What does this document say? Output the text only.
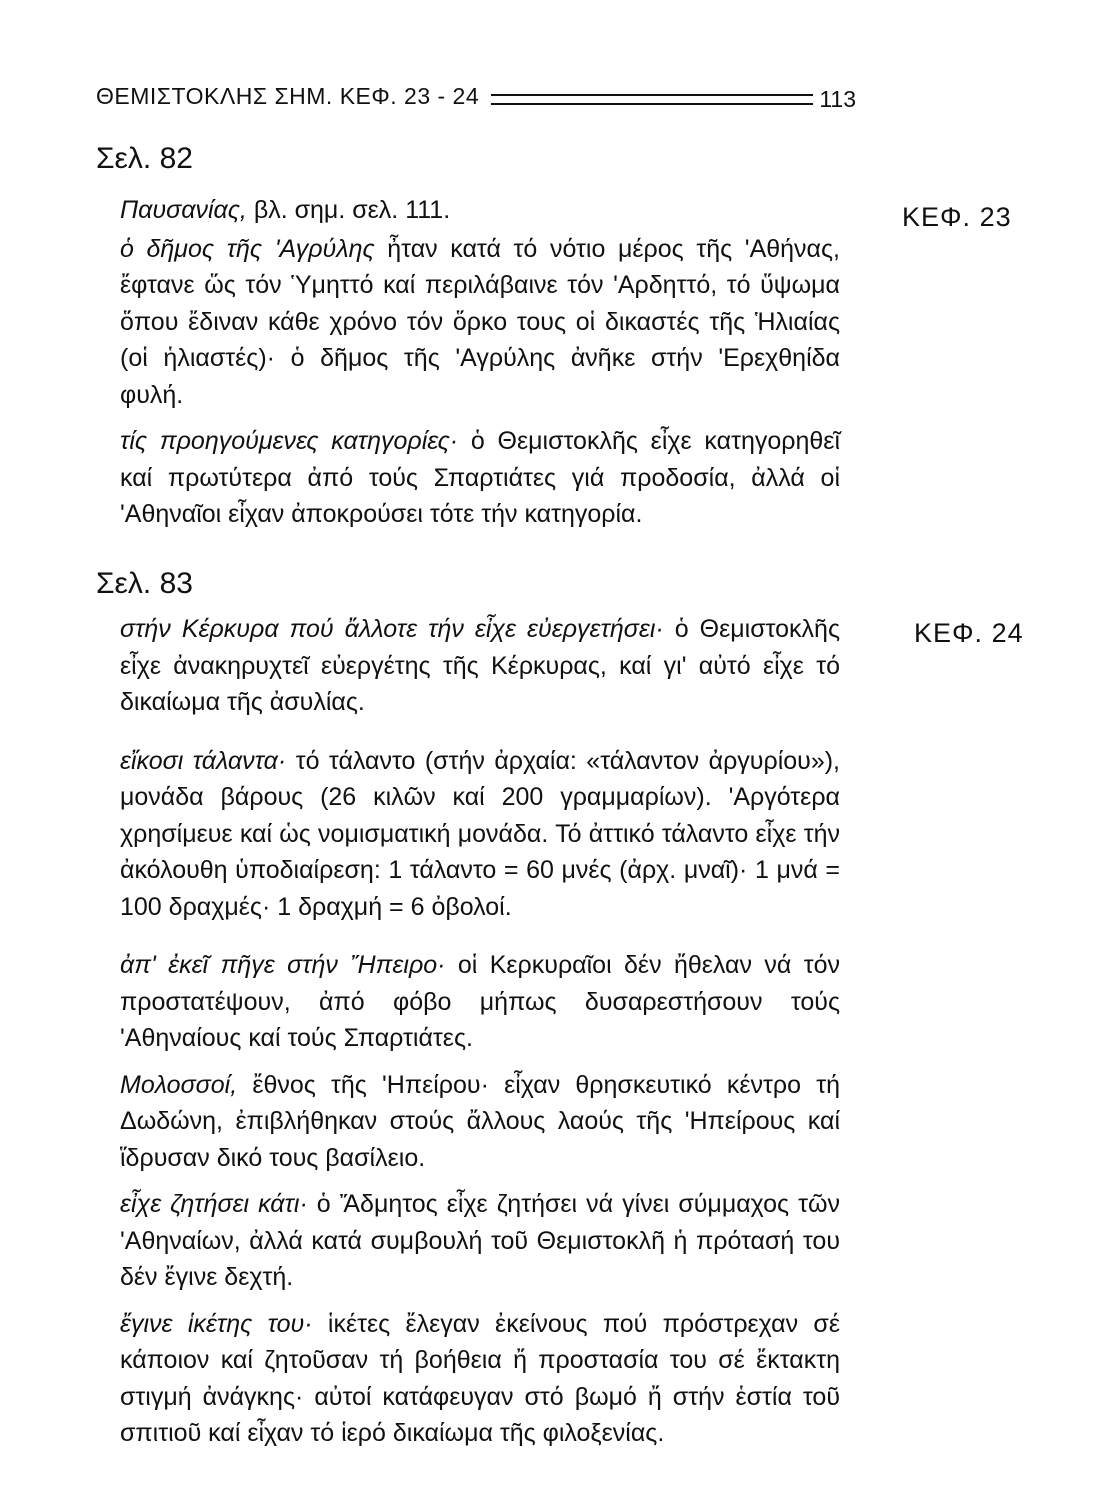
ΘΕΜΙΣΤΟΚΛΗΣ ΣΗΜ. ΚΕΦ. 23 - 24	113
Σελ. 82
ΚΕΦ. 23

Παυσανίας, βλ. σημ. σελ. 111.

ὁ δῆμος τῆς 'Αγρύλης ἦταν κατά τό νότιο μέρος τῆς 'Αθήνας, ἔφτανε ὥς τόν Ὑμηττό καί περιλάβαινε τόν 'Αρδηττό, τό ὕψωμα ὅπου ἔδιναν κάθε χρόνο τόν ὅρκο τους οἱ δικαστές τῆς Ἡλιαίας (οἱ ἡλιαστές)· ὁ δῆμος τῆς 'Αγρύλης ἀνῆκε στήν 'Ερεχθηίδα φυλή.

τίς προηγούμενες κατηγορίες· ὁ Θεμιστοκλῆς εἶχε κατηγορηθεῖ καί πρωτύτερα ἀπό τούς Σπαρτιάτες γιά προδοσία, ἀλλά οἱ 'Αθηναῖοι εἶχαν ἀποκρούσει τότε τήν κατηγορία.

Σελ. 83
ΚΕΦ. 24

στήν Κέρκυρα πού ἄλλοτε τήν εἶχε εὐεργετήσει· ὁ Θεμιστοκλῆς εἶχε ἀνακηρυχτεῖ εὐεργέτης τῆς Κέρκυρας, καί γι' αὐτό εἶχε τό δικαίωμα τῆς ἀσυλίας.

εἴκοσι τάλαντα· τό τάλαντο (στήν ἀρχαία: «τάλαντον ἀργυρίου»), μονάδα βάρους (26 κιλῶν καί 200 γραμμαρίων). 'Αργότερα χρησίμευε καί ὡς νομισματική μονάδα. Τό ἀττικό τάλαντο εἶχε τήν ἀκόλουθη ὑποδιαίρεση: 1 τάλαντο = 60 μνές (ἀρχ. μναῖ)· 1 μνά = 100 δραχμές· 1 δραχμή = 6 ὀβολοί.

ἀπ' ἐκεῖ πῆγε στήν Ἤπειρο· οἱ Κερκυραῖοι δέν ἤθελαν νά τόν προστατέψουν, ἀπό φόβο μήπως δυσαρεστήσουν τούς 'Αθηναίους καί τούς Σπαρτιάτες.

Μολοσσοί, ἔθνος τῆς 'Ηπείρου· εἶχαν θρησκευτικό κέντρο τή Δωδώνη, ἐπιβλήθηκαν στούς ἄλλους λαούς τῆς 'Ηπείρους καί ἵδρυσαν δικό τους βασίλειο.

εἶχε ζητήσει κάτι· ὁ Ἄδμητος εἶχε ζητήσει νά γίνει σύμμαχος τῶν 'Αθηναίων, ἀλλά κατά συμβουλή τοῦ Θεμιστοκλῆ ἡ πρότασή του δέν ἔγινε δεχτή.

ἔγινε ἱκέτης του· ἱκέτες ἔλεγαν ἐκείνους πού πρόστρεχαν σέ κάποιον καί ζητοῦσαν τή βοήθεια ἤ προστασία του σέ ἔκτακτη στιγμή ἀνάγκης· αὐτοί κατάφευγαν στό βωμό ἤ στήν ἑστία τοῦ σπιτιοῦ καί εἶχαν τό ἱερό δικαίωμα τῆς φιλοξενίας.
